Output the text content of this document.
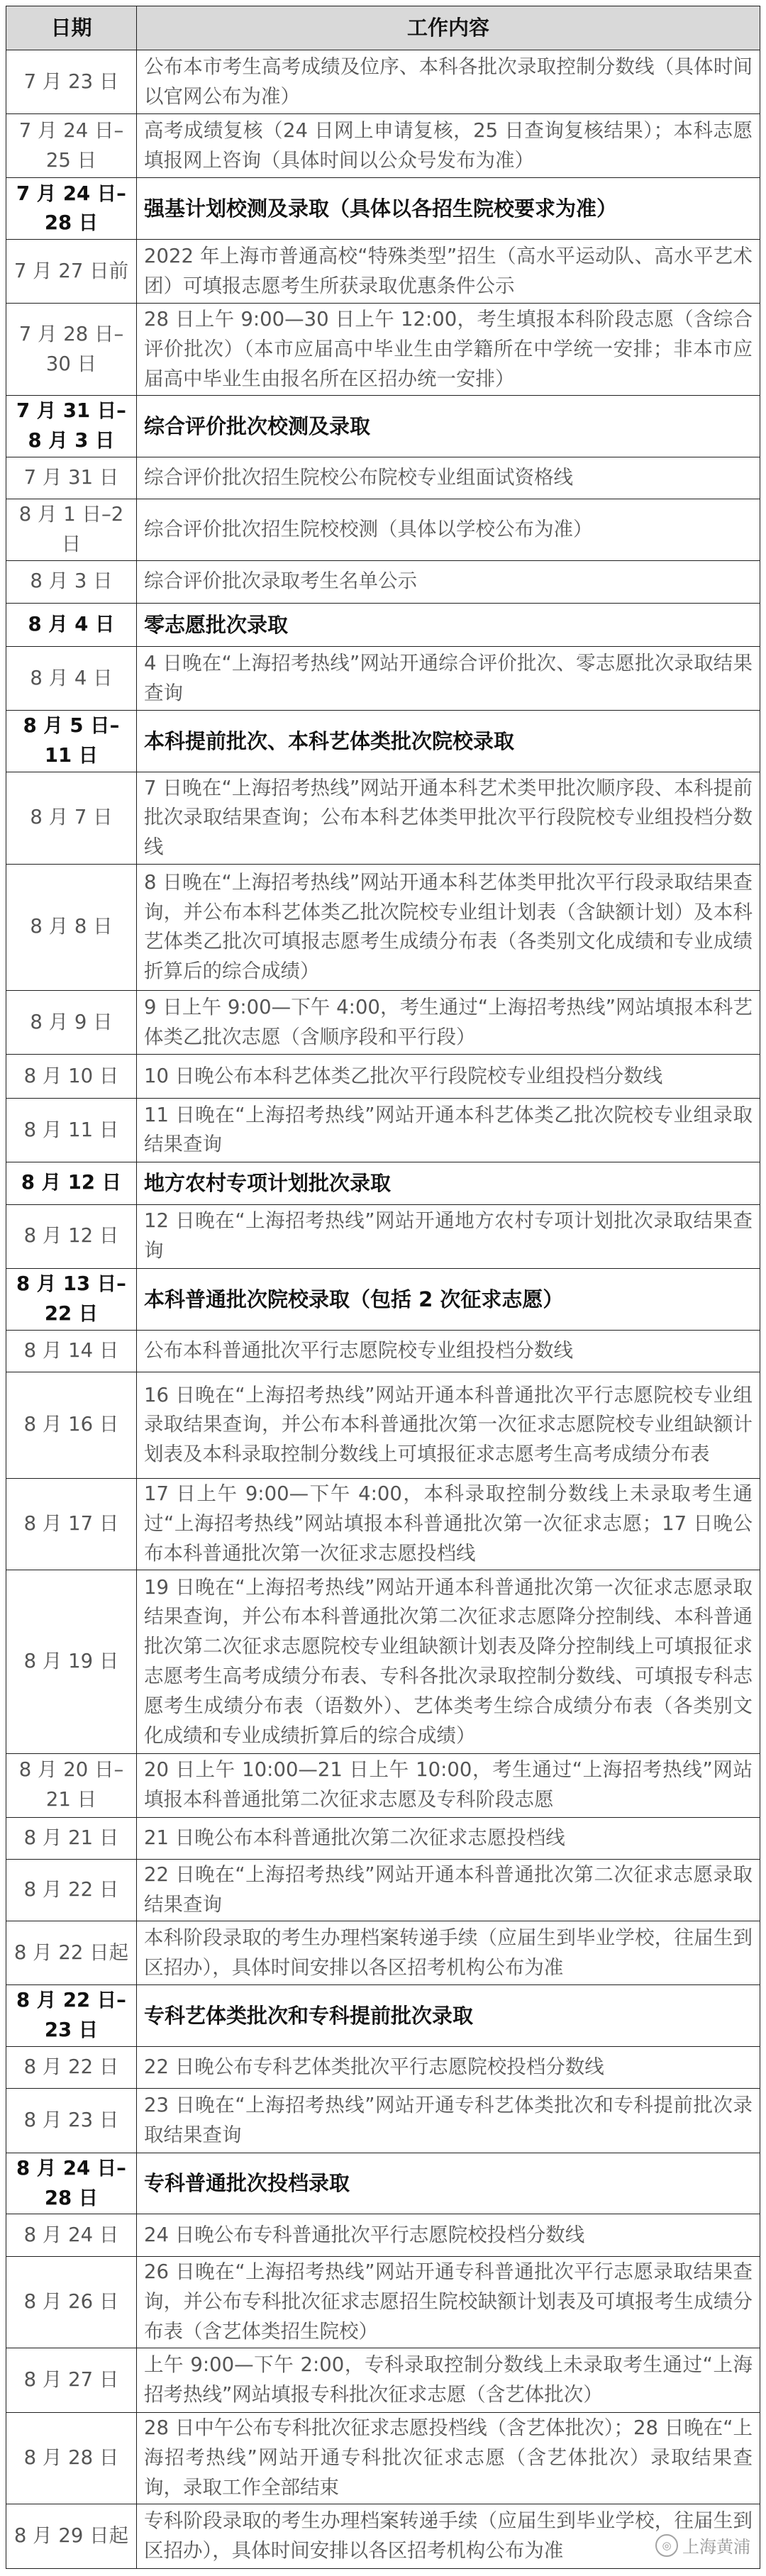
日期	工作内容
7 月 23 日	公布本市考生高考成绩及位序、本科各批次录取控制分数线（具体时间以官网公布为准）
7 月 24 日–25 日	高考成绩复核（24 日网上申请复核，25 日查询复核结果）；本科志愿填报网上咨询（具体时间以公众号发布为准）
7 月 24 日–28 日	强基计划校测及录取（具体以各招生院校要求为准）
7 月 27 日前	2022 年上海市普通高校“特殊类型”招生（高水平运动队、高水平艺术团）可填报志愿考生所获录取优惠条件公示
7 月 28 日–30 日	28 日上午 9:00—30 日上午 12:00，考生填报本科阶段志愿（含综合评价批次）（本市应届高中毕业生由学籍所在中学统一安排；非本市应届高中毕业生由报名所在区招办统一安排）
7 月 31 日–8 月 3 日	综合评价批次校测及录取
7 月 31 日	综合评价批次招生院校公布院校专业组面试资格线
8 月 1 日–2 日	综合评价批次招生院校校测（具体以学校公布为准）
8 月 3 日	综合评价批次录取考生名单公示
8 月 4 日	零志愿批次录取
8 月 4 日	4 日晚在“上海招考热线”网站开通综合评价批次、零志愿批次录取结果查询
8 月 5 日–11 日	本科提前批次、本科艺体类批次院校录取
8 月 7 日	7 日晚在“上海招考热线”网站开通本科艺术类甲批次顺序段、本科提前批次录取结果查询；公布本科艺体类甲批次平行段院校专业组投档分数线
8 月 8 日	8 日晚在“上海招考热线”网站开通本科艺体类甲批次平行段录取结果查询，并公布本科艺体类乙批次院校专业组计划表（含缺额计划）及本科艺体类乙批次可填报志愿考生成绩分布表（各类别文化成绩和专业成绩折算后的综合成绩）
8 月 9 日	9 日上午 9:00—下午 4:00，考生通过“上海招考热线”网站填报本科艺体类乙批次志愿（含顺序段和平行段）
8 月 10 日	10 日晚公布本科艺体类乙批次平行段院校专业组投档分数线
8 月 11 日	11 日晚在“上海招考热线”网站开通本科艺体类乙批次院校专业组录取结果查询
8 月 12 日	地方农村专项计划批次录取
8 月 12 日	12 日晚在“上海招考热线”网站开通地方农村专项计划批次录取结果查询
8 月 13 日–22 日	本科普通批次院校录取（包括 2 次征求志愿）
8 月 14 日	公布本科普通批次平行志愿院校专业组投档分数线
8 月 16 日	16 日晚在“上海招考热线”网站开通本科普通批次平行志愿院校专业组录取结果查询，并公布本科普通批次第一次征求志愿院校专业组缺额计划表及本科录取控制分数线上可填报征求志愿考生高考成绩分布表
8 月 17 日	17 日上午 9:00—下午 4:00，本科录取控制分数线上未录取考生通过“上海招考热线”网站填报本科普通批次第一次征求志愿；17 日晚公布本科普通批次第一次征求志愿投档线
8 月 19 日	19 日晚在“上海招考热线”网站开通本科普通批次第一次征求志愿录取结果查询，并公布本科普通批次第二次征求志愿降分控制线、本科普通批次第二次征求志愿院校专业组缺额计划表及降分控制线上可填报征求志愿考生高考成绩分布表、专科各批次录取控制分数线、可填报专科志愿考生成绩分布表（语数外）、艺体类考生综合成绩分布表（各类别文化成绩和专业成绩折算后的综合成绩）
8 月 20 日–21 日	20 日上午 10:00—21 日上午 10:00，考生通过“上海招考热线”网站填报本科普通批第二次征求志愿及专科阶段志愿
8 月 21 日	21 日晚公布本科普通批次第二次征求志愿投档线
8 月 22 日	22 日晚在“上海招考热线”网站开通本科普通批次第二次征求志愿录取结果查询
8 月 22 日起	本科阶段录取的考生办理档案转递手续（应届生到毕业学校，往届生到区招办），具体时间安排以各区招考机构公布为准
8 月 22 日–23 日	专科艺体类批次和专科提前批次录取
8 月 22 日	22 日晚公布专科艺体类批次平行志愿院校投档分数线
8 月 23 日	23 日晚在“上海招考热线”网站开通专科艺体类批次和专科提前批次录取结果查询
8 月 24 日–28 日	专科普通批次投档录取
8 月 24 日	24 日晚公布专科普通批次平行志愿院校投档分数线
8 月 26 日	26 日晚在“上海招考热线”网站开通专科普通批次平行志愿录取结果查询，并公布专科批次征求志愿招生院校缺额计划表及可填报考生成绩分布表（含艺体类招生院校）
8 月 27 日	上午 9:00—下午 2:00，专科录取控制分数线上未录取考生通过“上海招考热线”网站填报专科批次征求志愿（含艺体批次）
8 月 28 日	28 日中午公布专科批次征求志愿投档线（含艺体批次）；28 日晚在“上海招考热线”网站开通专科批次征求志愿（含艺体批次）录取结果查询，录取工作全部结束
8 月 29 日起	专科阶段录取的考生办理档案转递手续（应届生到毕业学校，往届生到区招办），具体时间安排以各区招考机构公布为准	◎ 上海黄浦
